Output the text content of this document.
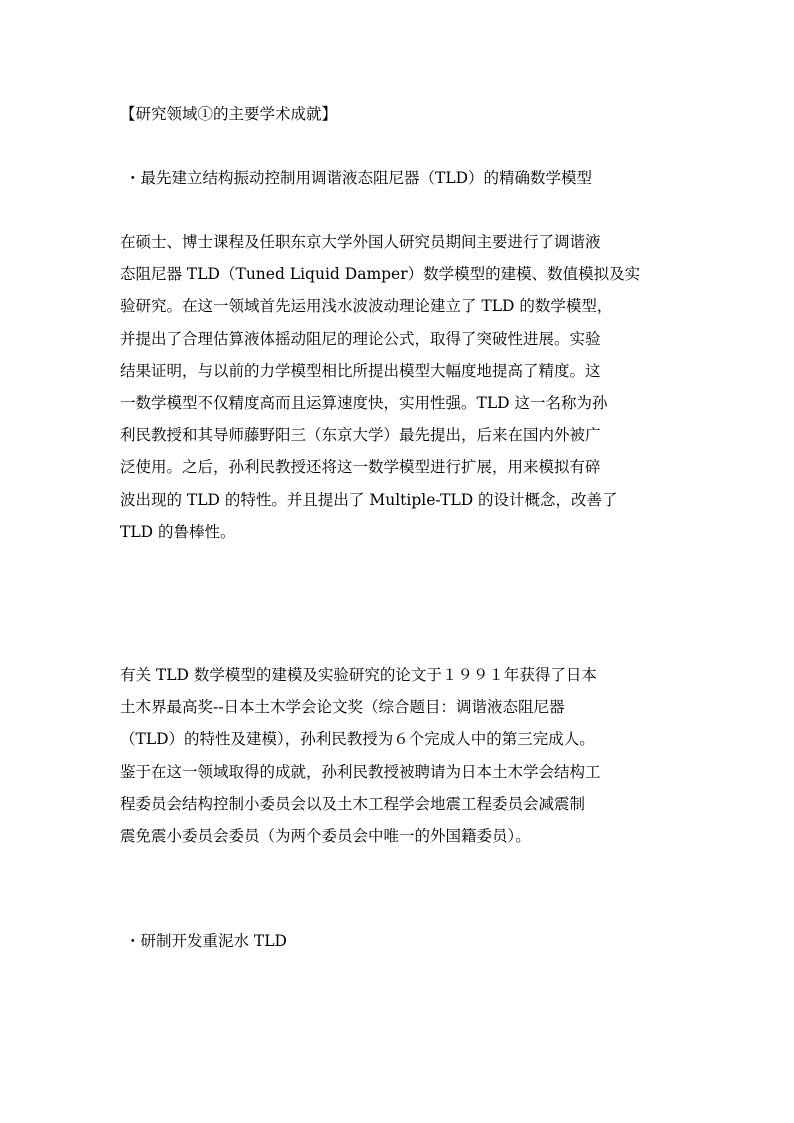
【研究领域①的主要学术成就】
・最先建立结构振动控制用调谐液态阻尼器（TLD）的精确数学模型
在硕士、博士课程及任职东京大学外国人研究员期间主要进行了调谐液
态阻尼器 TLD（Tuned Liquid Damper）数学模型的建模、数值模拟及实
验研究。在这一领域首先运用浅水波波动理论建立了 TLD 的数学模型，
并提出了合理估算液体摇动阻尼的理论公式，取得了突破性进展。实验
结果证明，与以前的力学模型相比所提出模型大幅度地提高了精度。这
一数学模型不仅精度高而且运算速度快，实用性强。TLD 这一名称为孙
利民教授和其导师藤野阳三（东京大学）最先提出，后来在国内外被广
泛使用。之后，孙利民教授还将这一数学模型进行扩展，用来模拟有碎
波出现的 TLD 的特性。并且提出了 Multiple-TLD 的设计概念，改善了
TLD 的鲁棒性。
有关 TLD 数学模型的建模及实验研究的论文于１９９１年获得了日本
土木界最高奖--日本土木学会论文奖（综合题目：调谐液态阻尼器
（TLD）的特性及建模），孙利民教授为６个完成人中的第三完成人。
鉴于在这一领域取得的成就，孙利民教授被聘请为日本土木学会结构工
程委员会结构控制小委员会以及土木工程学会地震工程委员会减震制
震免震小委员会委员（为两个委员会中唯一的外国籍委员）。
・研制开发重泥水 TLD
